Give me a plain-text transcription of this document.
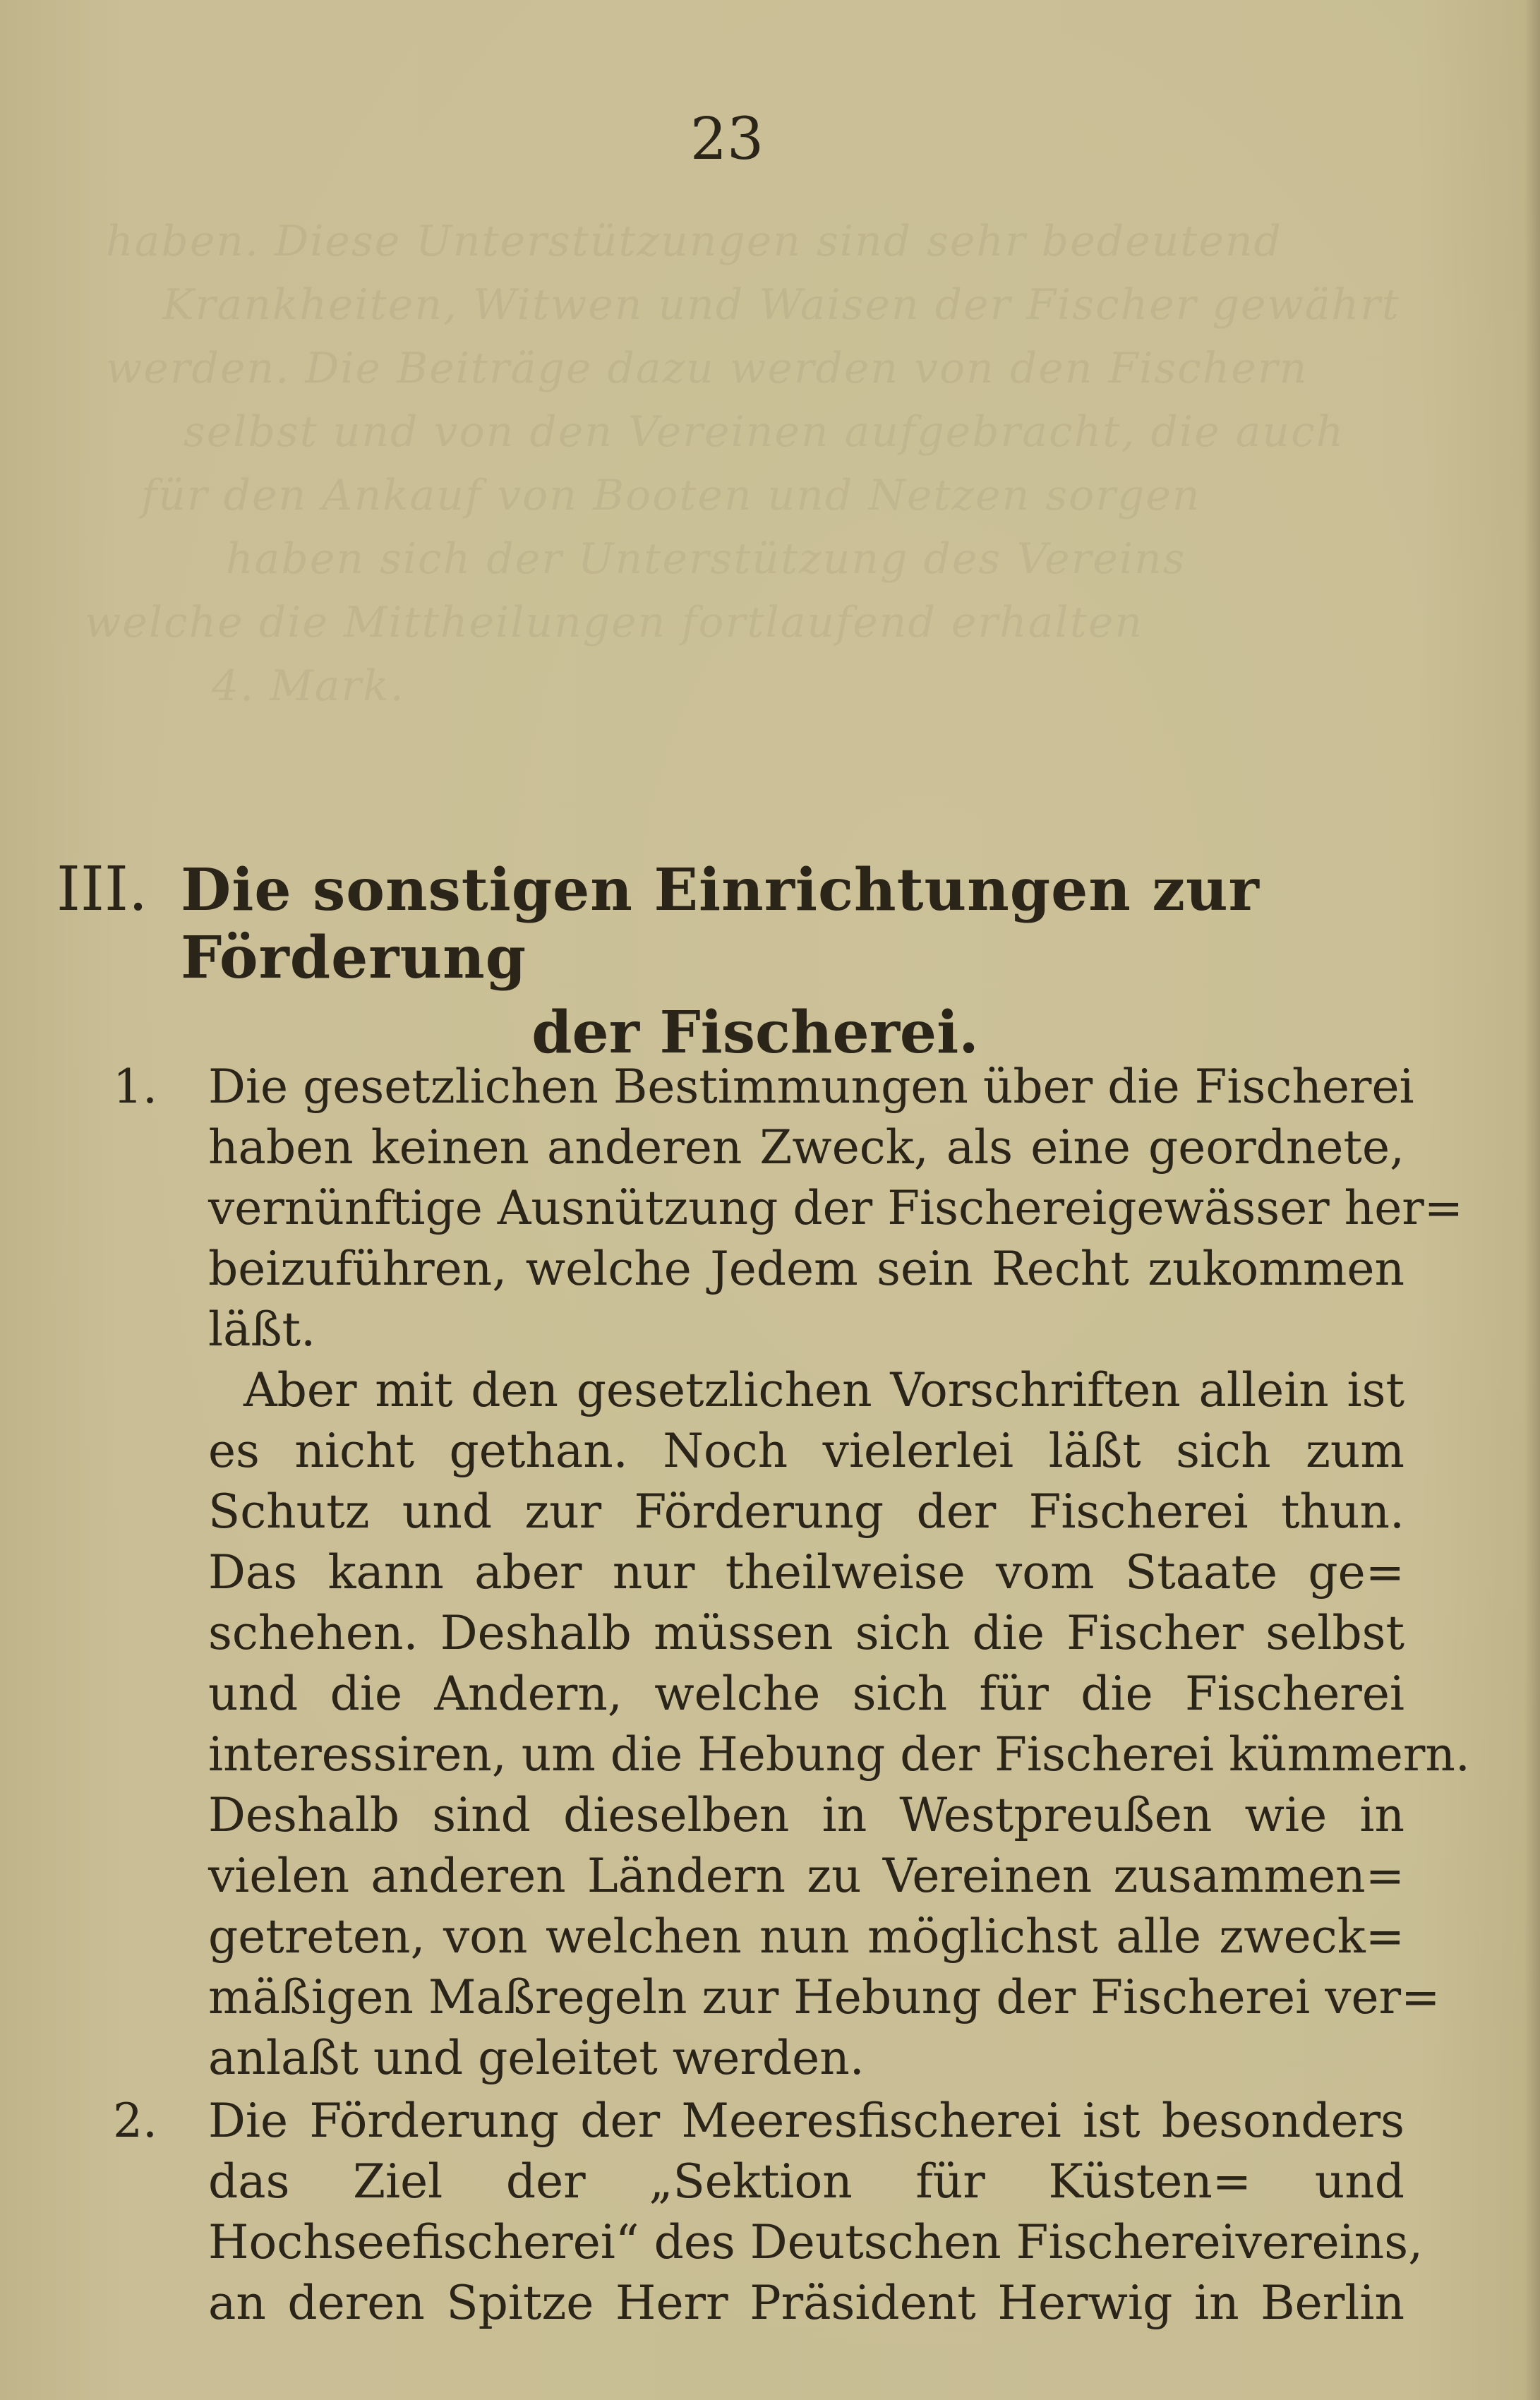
haben. Diese Unterstützungen sind sehr bedeutend
Krankheiten, Witwen und Waisen der Fischer gewährt
werden. Die Beiträge dazu werden von den Fischern
selbst und von den Vereinen aufgebracht, die auch
für den Ankauf von Booten und Netzen sorgen
haben sich der Unterstützung des Vereins
welche die Mittheilungen fortlaufend erhalten
4. Mark.
23
III. Die sonstigen Einrichtungen zur Förderung
der Fischerei.
1. Die gesetzlichen Bestimmungen über die Fischerei
haben keinen anderen Zweck, als eine geordnete,
vernünftige Ausnützung der Fischereigewässer her=
beizuführen, welche Jedem sein Recht zukommen
läßt.
Aber mit den gesetzlichen Vorschriften allein ist
es nicht gethan. Noch vielerlei läßt sich zum
Schutz und zur Förderung der Fischerei thun.
Das kann aber nur theilweise vom Staate ge=
schehen. Deshalb müssen sich die Fischer selbst
und die Andern, welche sich für die Fischerei
interessiren, um die Hebung der Fischerei kümmern.
Deshalb sind dieselben in Westpreußen wie in
vielen anderen Ländern zu Vereinen zusammen=
getreten, von welchen nun möglichst alle zweck=
mäßigen Maßregeln zur Hebung der Fischerei ver=
anlaßt und geleitet werden.
2. Die Förderung der Meeresfischerei ist besonders
das Ziel der „Sektion für Küsten= und
Hochseefischerei“ des Deutschen Fischereivereins,
an deren Spitze Herr Präsident Herwig in Berlin
